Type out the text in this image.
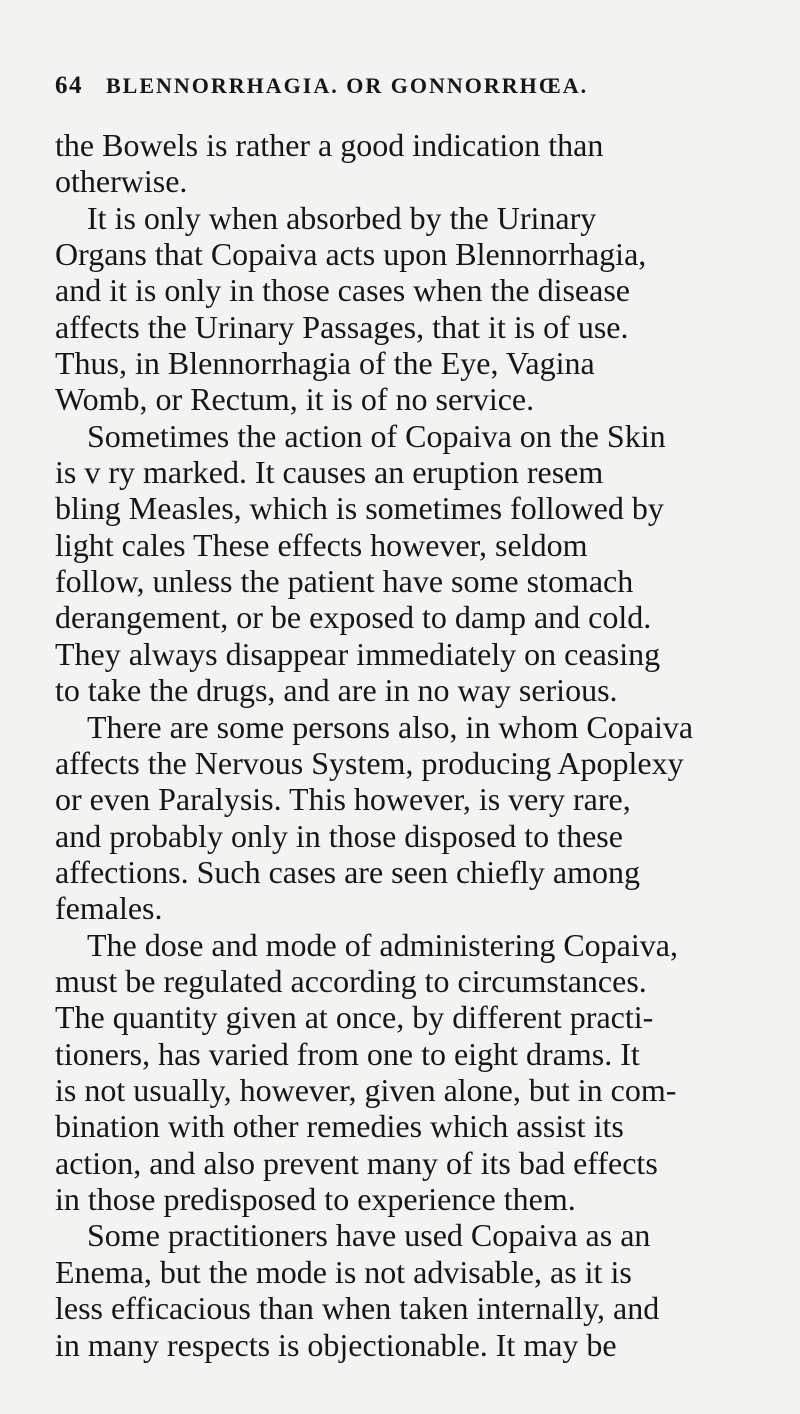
64 BLENNORRHAGIA. OR GONNORRHŒA.
the Bowels is rather a good indication than
otherwise.
It is only when absorbed by the Urinary
Organs that Copaiva acts upon Blennorrhagia,
and it is only in those cases when the disease
affects the Urinary Passages, that it is of use.
Thus, in Blennorrhagia of the Eye, Vagina
Womb, or Rectum, it is of no service.
Sometimes the action of Copaiva on the Skin
is v ry marked. It causes an eruption resem
bling Measles, which is sometimes followed by
light cales These effects however, seldom
follow, unless the patient have some stomach
derangement, or be exposed to damp and cold.
They always disappear immediately on ceasing
to take the drugs, and are in no way serious.
There are some persons also, in whom Copaiva
affects the Nervous System, producing Apoplexy
or even Paralysis. This however, is very rare,
and probably only in those disposed to these
affections. Such cases are seen chiefly among
females.
The dose and mode of administering Copaiva,
must be regulated according to circumstances.
The quantity given at once, by different practi-
tioners, has varied from one to eight drams. It
is not usually, however, given alone, but in com-
bination with other remedies which assist its
action, and also prevent many of its bad effects
in those predisposed to experience them.
Some practitioners have used Copaiva as an
Enema, but the mode is not advisable, as it is
less efficacious than when taken internally, and
in many respects is objectionable. It may be
